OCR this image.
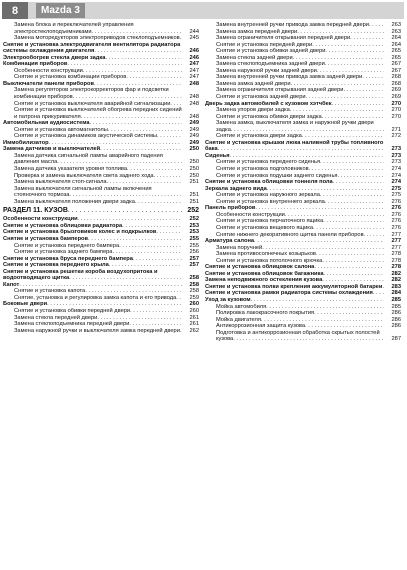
8	Mazda 3
Замена блока и переключателей управления электростеклоподъемниками . . .	244
Замена моторедукторов электроприводов стеклоподъемников . . .	245
Снятие и установка электродвигателя вентилятора радиатора системы охлаждения двигателя . . .	246
Электрообогрев стекла двери задка . . .	246
Комбинация приборов . . .	247
Особенности конструкции . . .	247
Снятие и установка комбинации приборов . . .	247
Выключатели панели приборов . . .	248
Замена регуляторов электрокорректоров фар и подсветки комбинации приборов . . .	248
Снятие и установка выключателя аварийной сигнализации . . .	248
Снятие и установка выключателей обогрева передних сидений и патрона прикуривателя . . .	248
Автомобильная аудиосистема . . .	249
Снятие и установка автомагнитолы . . .	249
Снятие и установка динамиков акустической системы . . .	249
Иммобилизатор . . .	249
Замена датчиков и выключателей . . .	250
Замена датчика сигнальной лампы аварийного падения давления масла . . .	250
Замена датчика указателя уровня топлива . . .	250
Проверка и замена выключателя света заднего хода . . .	250
Замена выключателя стоп-сигнала . . .	251
Замена выключателя сигнальной лампы включения стояночного тормоза . . .	251
Замена выключателя положения двери задка . . .	251
РАЗДЕЛ 11. КУЗОВ . . .	252
Особенности конструкции . . .	252
Снятие и установка облицовки радиатора . . .	253
Снятие и установка брызговиков колес и подкрылков . . .	253
Снятие и установка бамперов . . .	255
Снятие и установка переднего бампера . . .	255
Снятие и установка заднего бампера . . .	256
Снятие и установка бруса переднего бампера . . .	257
Снятие и установка переднего крыла . . .	257
Снятие и установка решетки короба воздухопритока и водоотводящего щитка . . .	258
Капот . . .	258
Снятие и установка капота . . .	258
Снятие, установка и регулировка замка капота и его привода . . .	259
Боковые двери . . .	260
Снятие и установка обивки передней двери . . .	260
Замена стекла передней двери . . .	261
Замена стеклоподъемника передней двери . . .	261
Замена наружной ручки и выключателя замка передней двери . . .	262
Замена внутренней ручки привода замка передней двери . . .	263
Замена замка передней двери . . .	263
Замена ограничителя открывания передней двери . . .	264
Снятие и установка передней двери . . .	264
Снятие и установка обивки задней двери . . .	265
Замена стекла задней двери . . .	265
Замена стеклоподъемника задней двери . . .	267
Замена наружной ручки задней двери . . .	267
Замена внутренней ручки привода замка задней двери . . .	268
Замена замка задней двери . . .	268
Замена ограничителя открывания задней двери . . .	269
Снятие и установка задней двери . . .	269
Дверь задка автомобилей с кузовом хэтчбек . . .	270
Замена упоров двери задка . . .	270
Снятие и установка обивки двери задка . . .	270
Замена замка, выключателя замка и наружной ручки двери задка . . .	271
Снятие и установка двери задка . . .	272
Снятие и установка крышки люка наливной трубы топливного бака . . .	273
Сиденья . . .	273
Снятие и установка переднего сиденья . . .	273
Снятие и установка подголовников . . .	274
Снятие и установка подушки заднего сиденья . . .	274
Снятие и установка облицовки тоннеля пола . . .	274
Зеркала заднего вида . . .	275
Снятие и установка наружного зеркала . . .	275
Снятие и установка внутреннего зеркала . . .	276
Панель приборов . . .	276
Особенности конструкции . . .	276
Снятие и установка перчаточного ящика . . .	276
Снятие и установка вещевого ящика . . .	276
Снятие нижнего декоративного щитка панели приборов . . .	277
Арматура салона . . .	277
Замена поручней . . .	277
Замена противосолнечных козырьков . . .	278
Снятие и установка потолочного крючка . . .	278
Снятие и установка облицовок салона . . .	278
Снятие и установка облицовок багажника . . .	282
Замена неподвижного остекления кузова . . .	282
Снятие и установка полки крепления аккумуляторной батареи . . .	283
Снятие и установка рамки радиатора системы охлаждения . . .	284
Уход за кузовом . . .	285
Мойка автомобиля . . .	285
Полировка лакокрасочного покрытия . . .	286
Мойка двигателя . . .	286
Антикоррозионная защита кузова . . .	286
Подготовка и антикоррозионная обработка скрытых полостей кузова . . .	287
